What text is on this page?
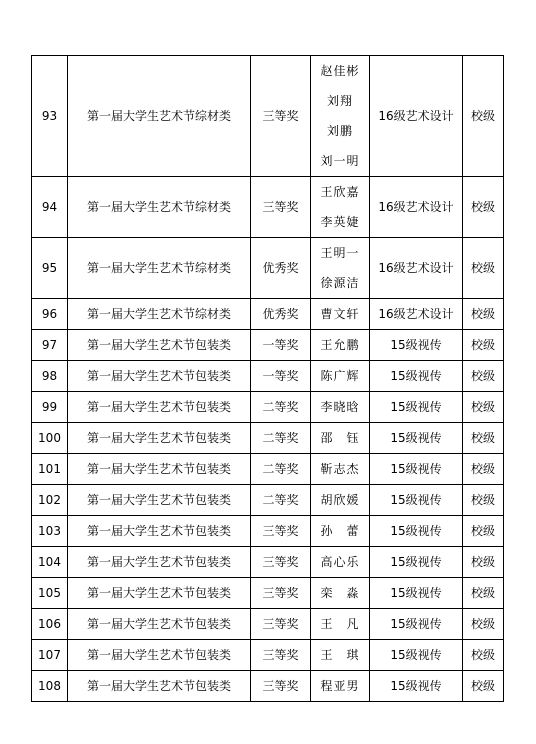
93	第一届大学生艺术节综材类	三等奖	赵佳彬
刘翔
刘鹏
刘一明	16级艺术设计	校级
94	第一届大学生艺术节综材类	三等奖	王欣嘉
李英婕	16级艺术设计	校级
95	第一届大学生艺术节综材类	优秀奖	王明一
徐源洁	16级艺术设计	校级
96	第一届大学生艺术节综材类	优秀奖	曹文轩	16级艺术设计	校级
97	第一届大学生艺术节包装类	一等奖	王允鹏	15级视传	校级
98	第一届大学生艺术节包装类	一等奖	陈广辉	15级视传	校级
99	第一届大学生艺术节包装类	二等奖	李晓晗	15级视传	校级
100	第一届大学生艺术节包装类	二等奖	邵　钰	15级视传	校级
101	第一届大学生艺术节包装类	二等奖	靳志杰	15级视传	校级
102	第一届大学生艺术节包装类	二等奖	胡欣媛	15级视传	校级
103	第一届大学生艺术节包装类	三等奖	孙　蕾	15级视传	校级
104	第一届大学生艺术节包装类	三等奖	高心乐	15级视传	校级
105	第一届大学生艺术节包装类	三等奖	栾　淼	15级视传	校级
106	第一届大学生艺术节包装类	三等奖	王　凡	15级视传	校级
107	第一届大学生艺术节包装类	三等奖	王　琪	15级视传	校级
108	第一届大学生艺术节包装类	三等奖	程亚男	15级视传	校级
